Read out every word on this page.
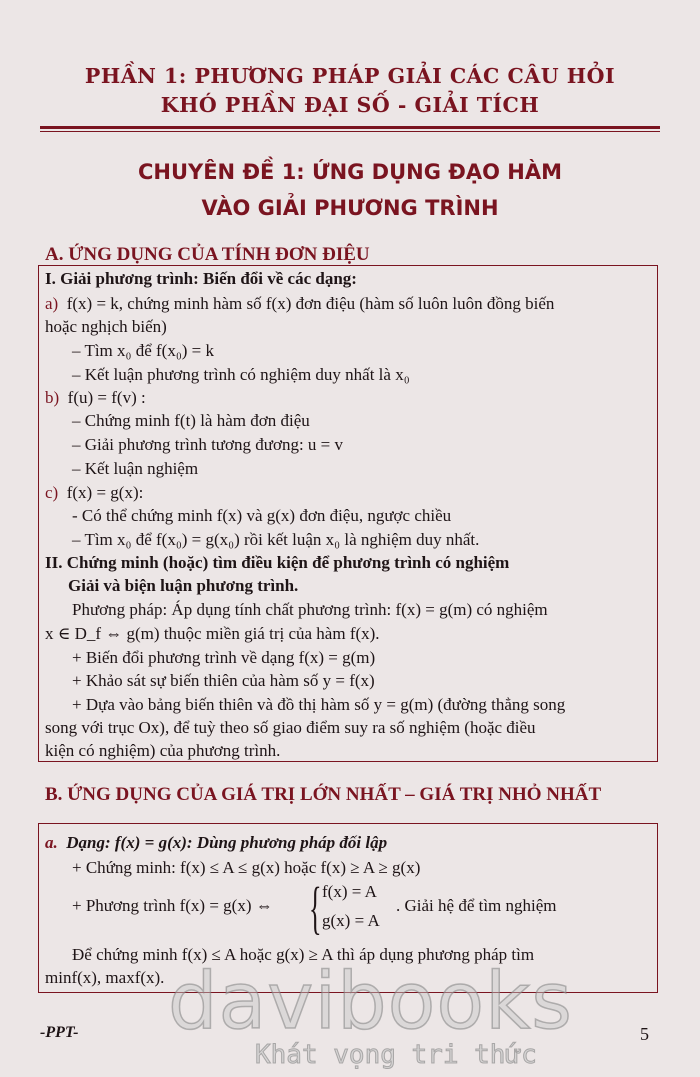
PHẦN 1: PHƯƠNG PHÁP GIẢI CÁC CÂU HỎI
KHÓ PHẦN ĐẠI SỐ - GIẢI TÍCH
CHUYÊN ĐỀ 1: ỨNG DỤNG ĐẠO HÀM
VÀO GIẢI PHƯƠNG TRÌNH
A. ỨNG DỤNG CỦA TÍNH ĐƠN ĐIỆU
I. Giải phương trình: Biến đổi về các dạng:
a) f(x) = k, chứng minh hàm số f(x) đơn điệu (hàm số luôn luôn đồng biến
hoặc nghịch biến)
– Tìm x₀ để f(x₀) = k
– Kết luận phương trình có nghiệm duy nhất là x₀
b) f(u) = f(v) :
– Chứng minh f(t) là hàm đơn điệu
– Giải phương trình tương đương: u = v
– Kết luận nghiệm
c) f(x) = g(x):
- Có thể chứng minh f(x) và g(x) đơn điệu, ngược chiều
– Tìm x₀ để f(x₀) = g(x₀) rồi kết luận x₀ là nghiệm duy nhất.
II. Chứng minh (hoặc) tìm điều kiện để phương trình có nghiệm
Giải và biện luận phương trình.
Phương pháp: Áp dụng tính chất phương trình: f(x) = g(m) có nghiệm
x ∈ D_f ⇔ g(m) thuộc miền giá trị của hàm f(x).
+ Biến đổi phương trình về dạng f(x) = g(m)
+ Khảo sát sự biến thiên của hàm số y = f(x)
+ Dựa vào bảng biến thiên và đồ thị hàm số y = g(m) (đường thẳng song
song với trục Ox), để tuỳ theo số giao điểm suy ra số nghiệm (hoặc điều
kiện có nghiệm) của phương trình.
B. ỨNG DỤNG CỦA GIÁ TRỊ LỚN NHẤT – GIÁ TRỊ NHỎ NHẤT
a. Dạng: f(x) = g(x): Dùng phương pháp đối lập
+ Chứng minh: f(x) ≤ A ≤ g(x) hoặc f(x) ≥ A ≥ g(x)
+ Phương trình f(x) = g(x) ⇔ { f(x) = A
g(x) = A
. Giải hệ để tìm nghiệm
Để chứng minh f(x) ≤ A hoặc g(x) ≥ A thì áp dụng phương pháp tìm
minf(x), maxf(x). davibooks
Khát vọng tri thức
-PPT-	5
